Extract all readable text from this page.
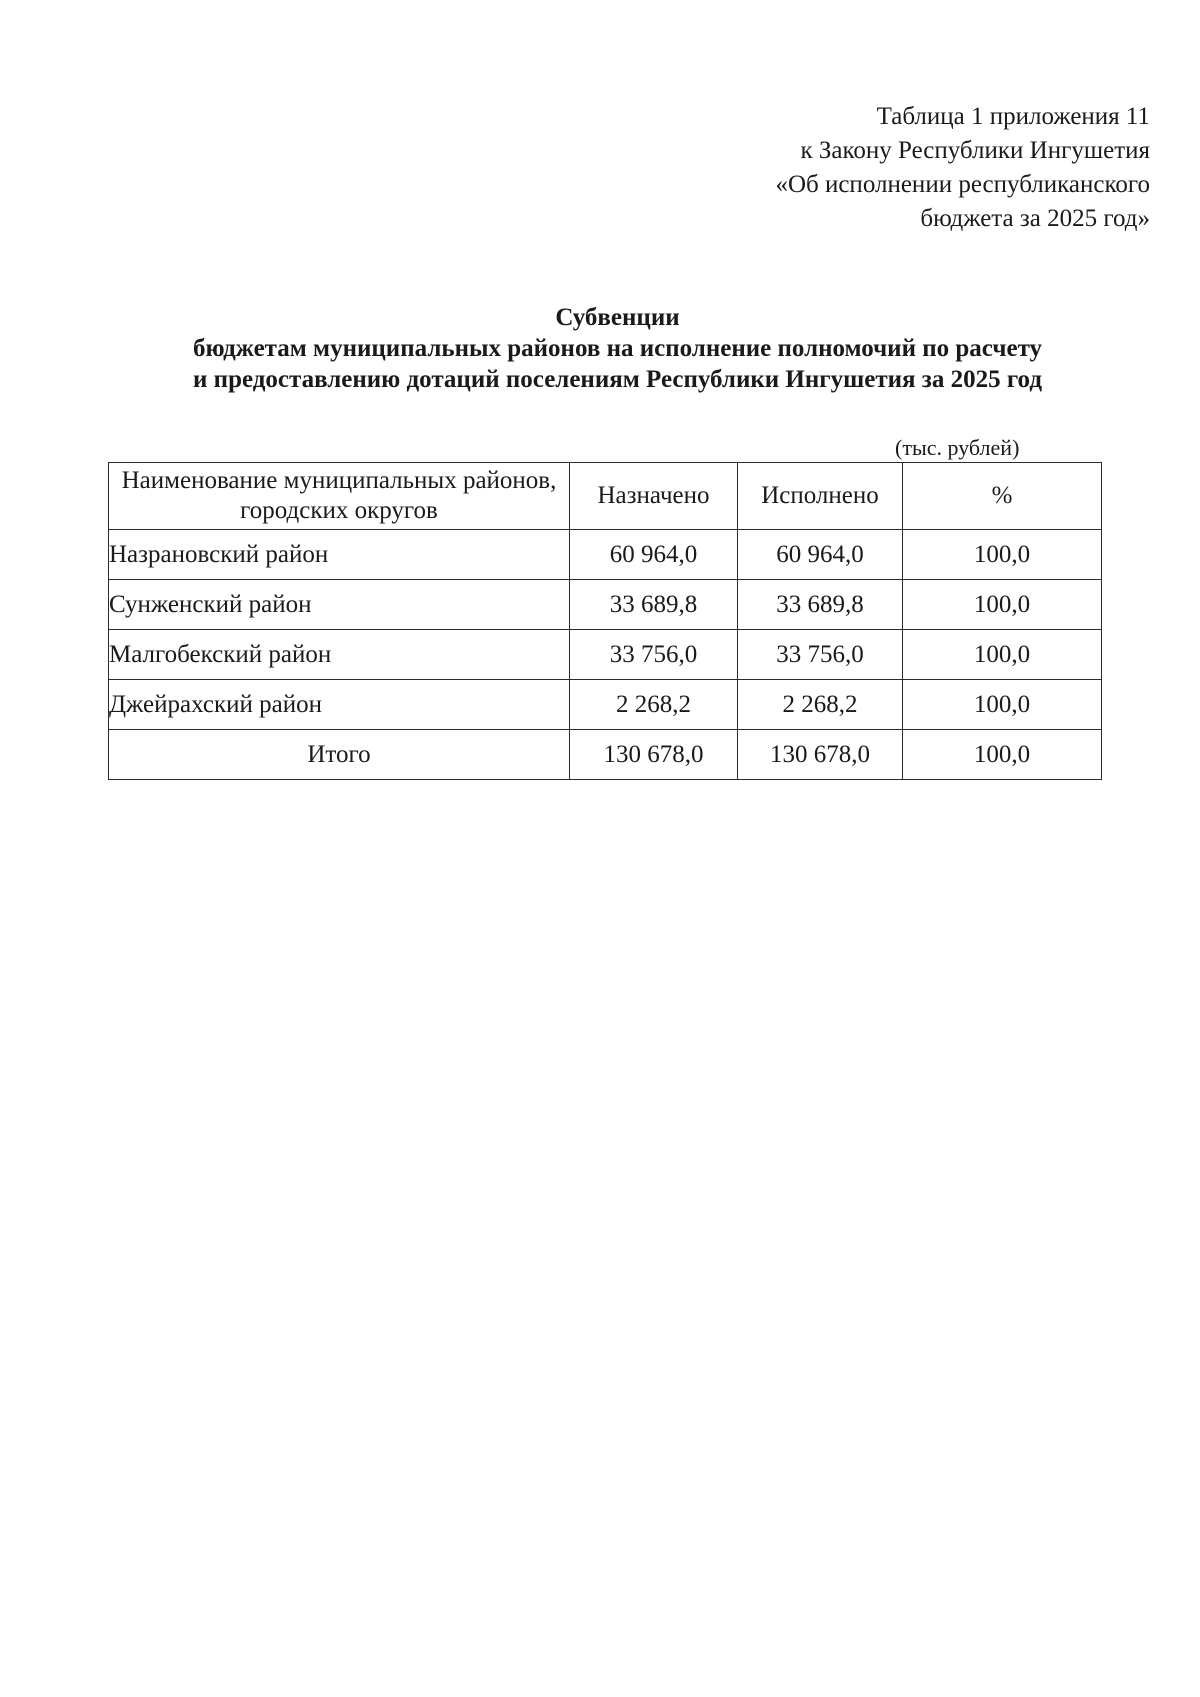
Таблица 1 приложения 11
к Закону Республики Ингушетия
«Об исполнении республиканского
бюджета за 2025 год»
Субвенции
бюджетам муниципальных районов на исполнение полномочий по расчету
и предоставлению дотаций поселениям Республики Ингушетия за 2025 год
(тыс. рублей)
Наименование муниципальных районов, городских округов	Назначено	Исполнено	%
Назрановский район	60 964,0	60 964,0	100,0
Сунженский район	33 689,8	33 689,8	100,0
Малгобекский район	33 756,0	33 756,0	100,0
Джейрахский район	2 268,2	2 268,2	100,0
Итого	130 678,0	130 678,0	100,0
